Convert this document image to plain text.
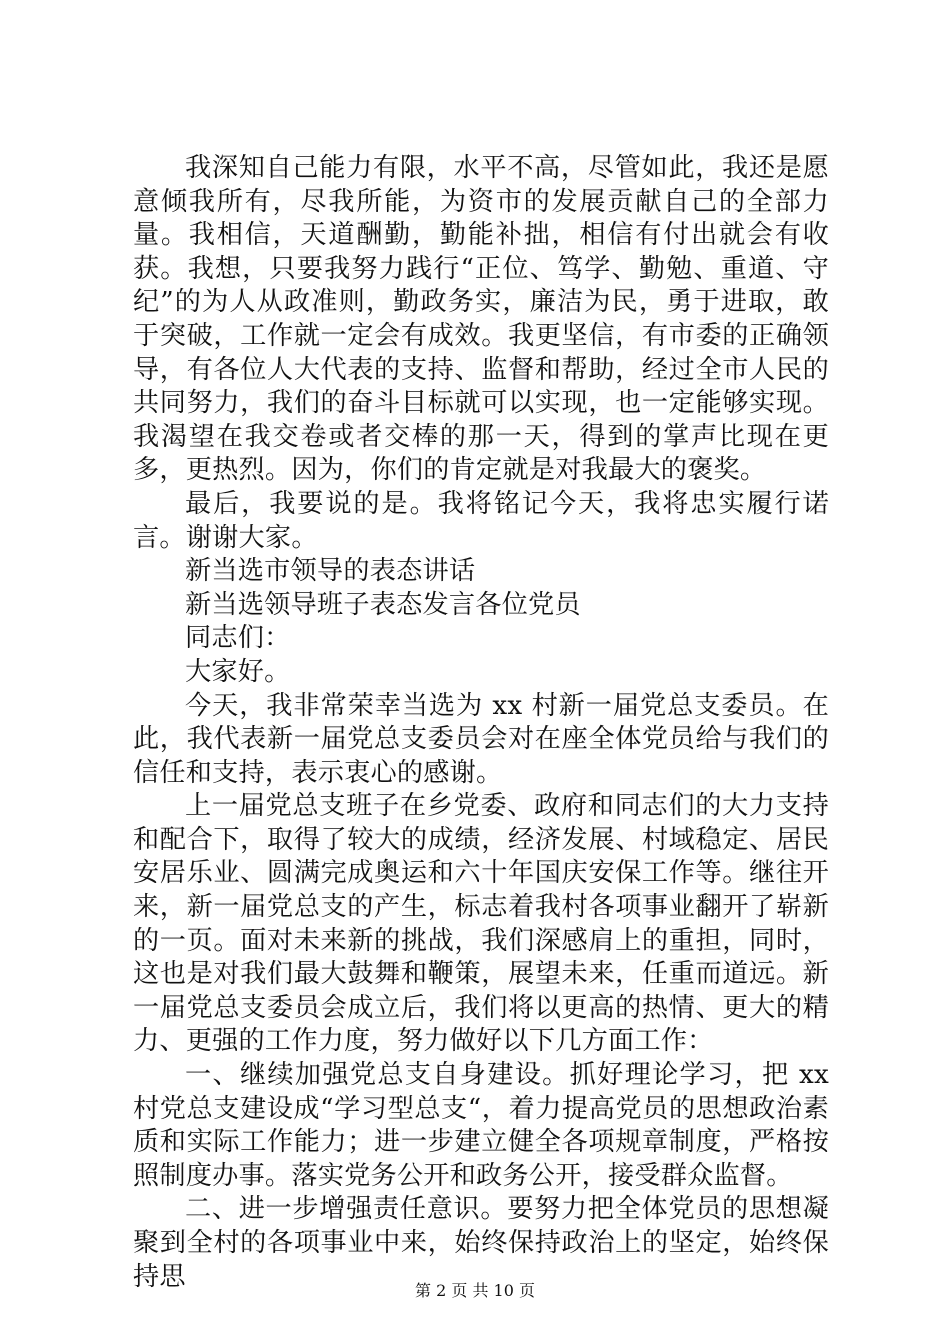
我深知自己能力有限，水平不高，尽管如此，我还是愿意倾我所有，尽我所能，为资市的发展贡献自己的全部力量。我相信，天道酬勤，勤能补拙，相信有付出就会有收获。我想，只要我努力践行“正位、笃学、勤勉、重道、守纪”的为人从政准则，勤政务实，廉洁为民，勇于进取，敢于突破，工作就一定会有成效。我更坚信，有市委的正确领导，有各位人大代表的支持、监督和帮助，经过全市人民的共同努力，我们的奋斗目标就可以实现，也一定能够实现。我渴望在我交卷或者交棒的那一天，得到的掌声比现在更多，更热烈。因为，你们的肯定就是对我最大的褒奖。

最后，我要说的是。我将铭记今天，我将忠实履行诺言。谢谢大家。

新当选市领导的表态讲话

新当选领导班子表态发言各位党员

同志们：

大家好。

今天，我非常荣幸当选为 xx 村新一届党总支委员。在此，我代表新一届党总支委员会对在座全体党员给与我们的信任和支持，表示衷心的感谢。

上一届党总支班子在乡党委、政府和同志们的大力支持和配合下，取得了较大的成绩，经济发展、村域稳定、居民安居乐业、圆满完成奥运和六十年国庆安保工作等。继往开来，新一届党总支的产生，标志着我村各项事业翻开了崭新的一页。面对未来新的挑战，我们深感肩上的重担，同时，这也是对我们最大鼓舞和鞭策，展望未来，任重而道远。新一届党总支委员会成立后，我们将以更高的热情、更大的精力、更强的工作力度，努力做好以下几方面工作：

一、继续加强党总支自身建设。抓好理论学习，把 xx 村党总支建设成“学习型总支“，着力提高党员的思想政治素质和实际工作能力；进一步建立健全各项规章制度，严格按照制度办事。落实党务公开和政务公开，接受群众监督。

二、进一步增强责任意识。要努力把全体党员的思想凝聚到全村的各项事业中来，始终保持政治上的坚定，始终保持思	第 2 页 共 10 页
